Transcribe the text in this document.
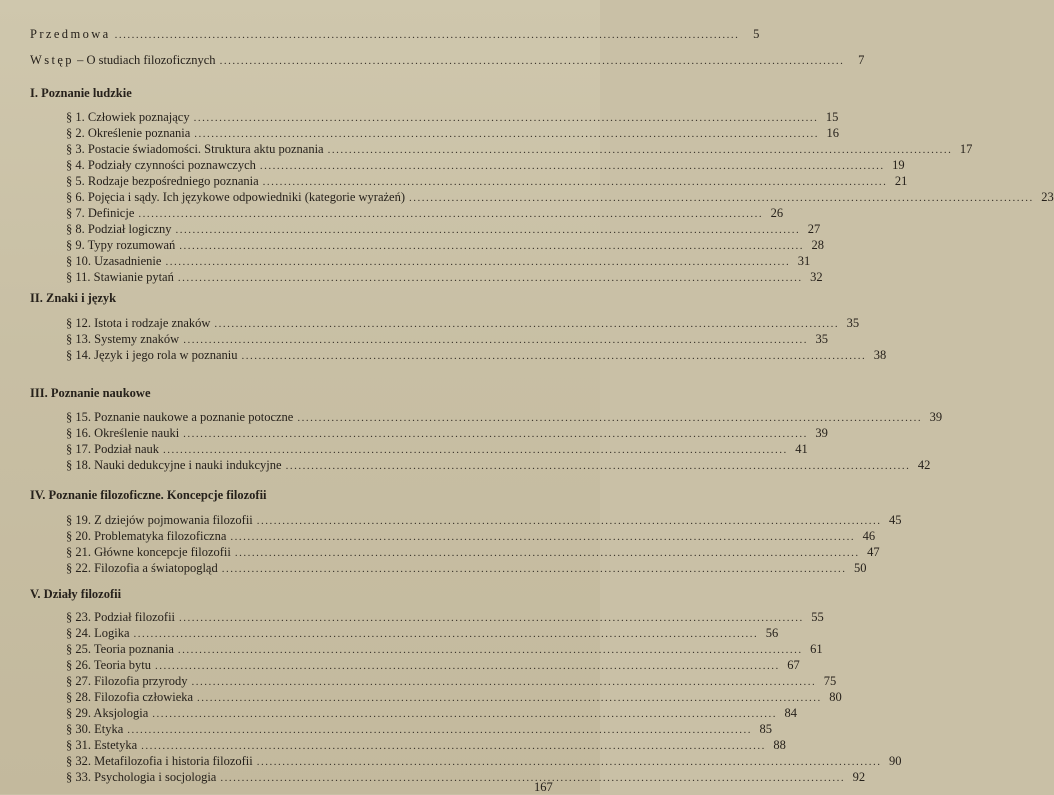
Przedmowa ...................................................................................................................................................	5
Wstęp – O studiach filozoficznych ...................................................................................................................................................	7
I. Poznanie ludzkie
§ 1. Człowiek poznający ................................................................................................................................................... 15
§ 2. Określenie poznania ................................................................................................................................................... 16
§ 3. Postacie świadomości. Struktura aktu poznania ................................................................................................................................................... 17
§ 4. Podziały czynności poznawczych ................................................................................................................................................... 19
§ 5. Rodzaje bezpośredniego poznania ................................................................................................................................................... 21
§ 6. Pojęcia i sądy. Ich językowe odpowiedniki (kategorie wyrażeń) ................................................................................................................................................... 23
§ 7. Definicje ................................................................................................................................................... 26
§ 8. Podział logiczny ................................................................................................................................................... 27
§ 9. Typy rozumowań ................................................................................................................................................... 28
§ 10. Uzasadnienie ................................................................................................................................................... 31
§ 11. Stawianie pytań ................................................................................................................................................... 32
II. Znaki i język
§ 12. Istota i rodzaje znaków ................................................................................................................................................... 35
§ 13. Systemy znaków ................................................................................................................................................... 35
§ 14. Język i jego rola w poznaniu ................................................................................................................................................... 38
III. Poznanie naukowe
§ 15. Poznanie naukowe a poznanie potoczne ................................................................................................................................................... 39
§ 16. Określenie nauki ................................................................................................................................................... 39
§ 17. Podział nauk ................................................................................................................................................... 41
§ 18. Nauki dedukcyjne i nauki indukcyjne ................................................................................................................................................... 42
IV. Poznanie filozoficzne. Koncepcje filozofii
§ 19. Z dziejów pojmowania filozofii ................................................................................................................................................... 45
§ 20. Problematyka filozoficzna ................................................................................................................................................... 46
§ 21. Główne koncepcje filozofii ................................................................................................................................................... 47
§ 22. Filozofia a światopogląd ................................................................................................................................................... 50
V. Działy filozofii
§ 23. Podział filozofii ................................................................................................................................................... 55
§ 24. Logika ................................................................................................................................................... 56
§ 25. Teoria poznania ................................................................................................................................................... 61
§ 26. Teoria bytu ................................................................................................................................................... 67
§ 27. Filozofia przyrody ................................................................................................................................................... 75
§ 28. Filozofia człowieka ................................................................................................................................................... 80
§ 29. Aksjologia ................................................................................................................................................... 84
§ 30. Etyka ................................................................................................................................................... 85
§ 31. Estetyka ................................................................................................................................................... 88
§ 32. Metafilozofia i historia filozofii ................................................................................................................................................... 90
§ 33. Psychologia i socjologia ................................................................................................................................................... 92
167
